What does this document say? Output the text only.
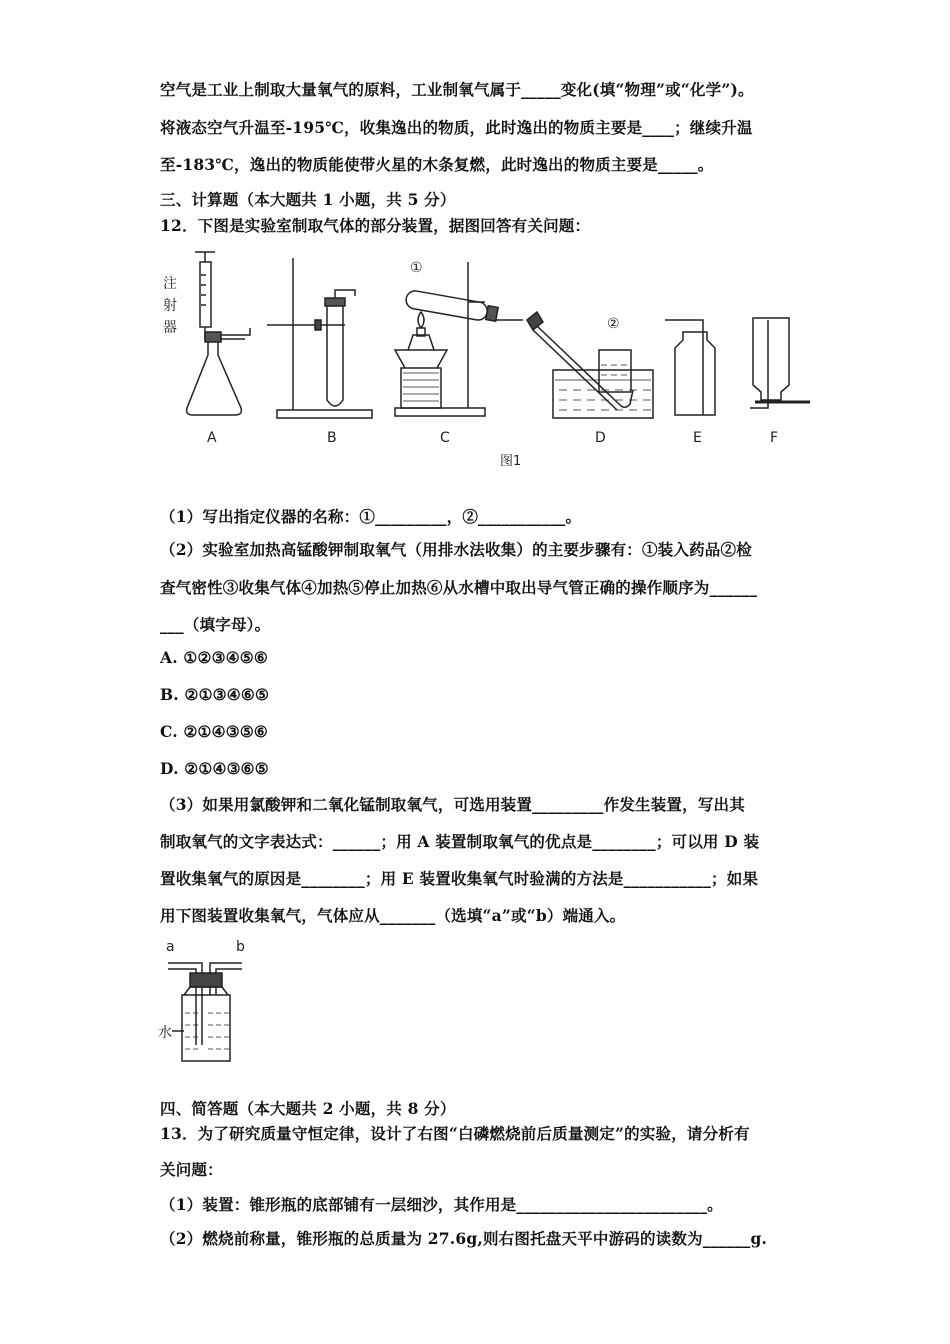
空气是工业上制取大量氧气的原料，工业制氧气属于_____变化(填“物理”或“化学”)。
将液态空气升温至-195℃，收集逸出的物质，此时逸出的物质主要是____；继续升温
至-183℃，逸出的物质能使带火星的木条复燃，此时逸出的物质主要是_____。
三、计算题（本大题共 1 小题，共 5 分）
12．下图是实验室制取气体的部分装置，据图回答有关问题：
注
射
器
①
②
A	B	C	D	E	F
图1
（1）写出指定仪器的名称：①_________，②___________。
（2）实验室加热高锰酸钾制取氧气（用排水法收集）的主要步骤有：①装入药品②检
查气密性③收集气体④加热⑤停止加热⑥从水槽中取出导气管正确的操作顺序为______
___（填字母）。
A. ①②③④⑤⑥
B. ②①③④⑥⑤
C. ②①④③⑤⑥
D. ②①④③⑥⑤
（3）如果用氯酸钾和二氧化锰制取氧气，可选用装置_________作发生装置，写出其
制取氧气的文字表达式：______；用 A 装置制取氧气的优点是________；可以用 D 装
置收集氧气的原因是________；用 E 装置收集氧气时验满的方法是___________；如果
用下图装置收集氧气，气体应从_______（选填“a”或“b）端通入。
a	b
水
四、简答题（本大题共 2 小题，共 8 分）
13．为了研究质量守恒定律，设计了右图“白磷燃烧前后质量测定”的实验，请分析有
关问题：
（1）装置：锥形瓶的底部铺有一层细沙，其作用是________________________。
（2）燃烧前称量，锥形瓶的总质量为 27.6g,则右图托盘天平中游码的读数为______g.
